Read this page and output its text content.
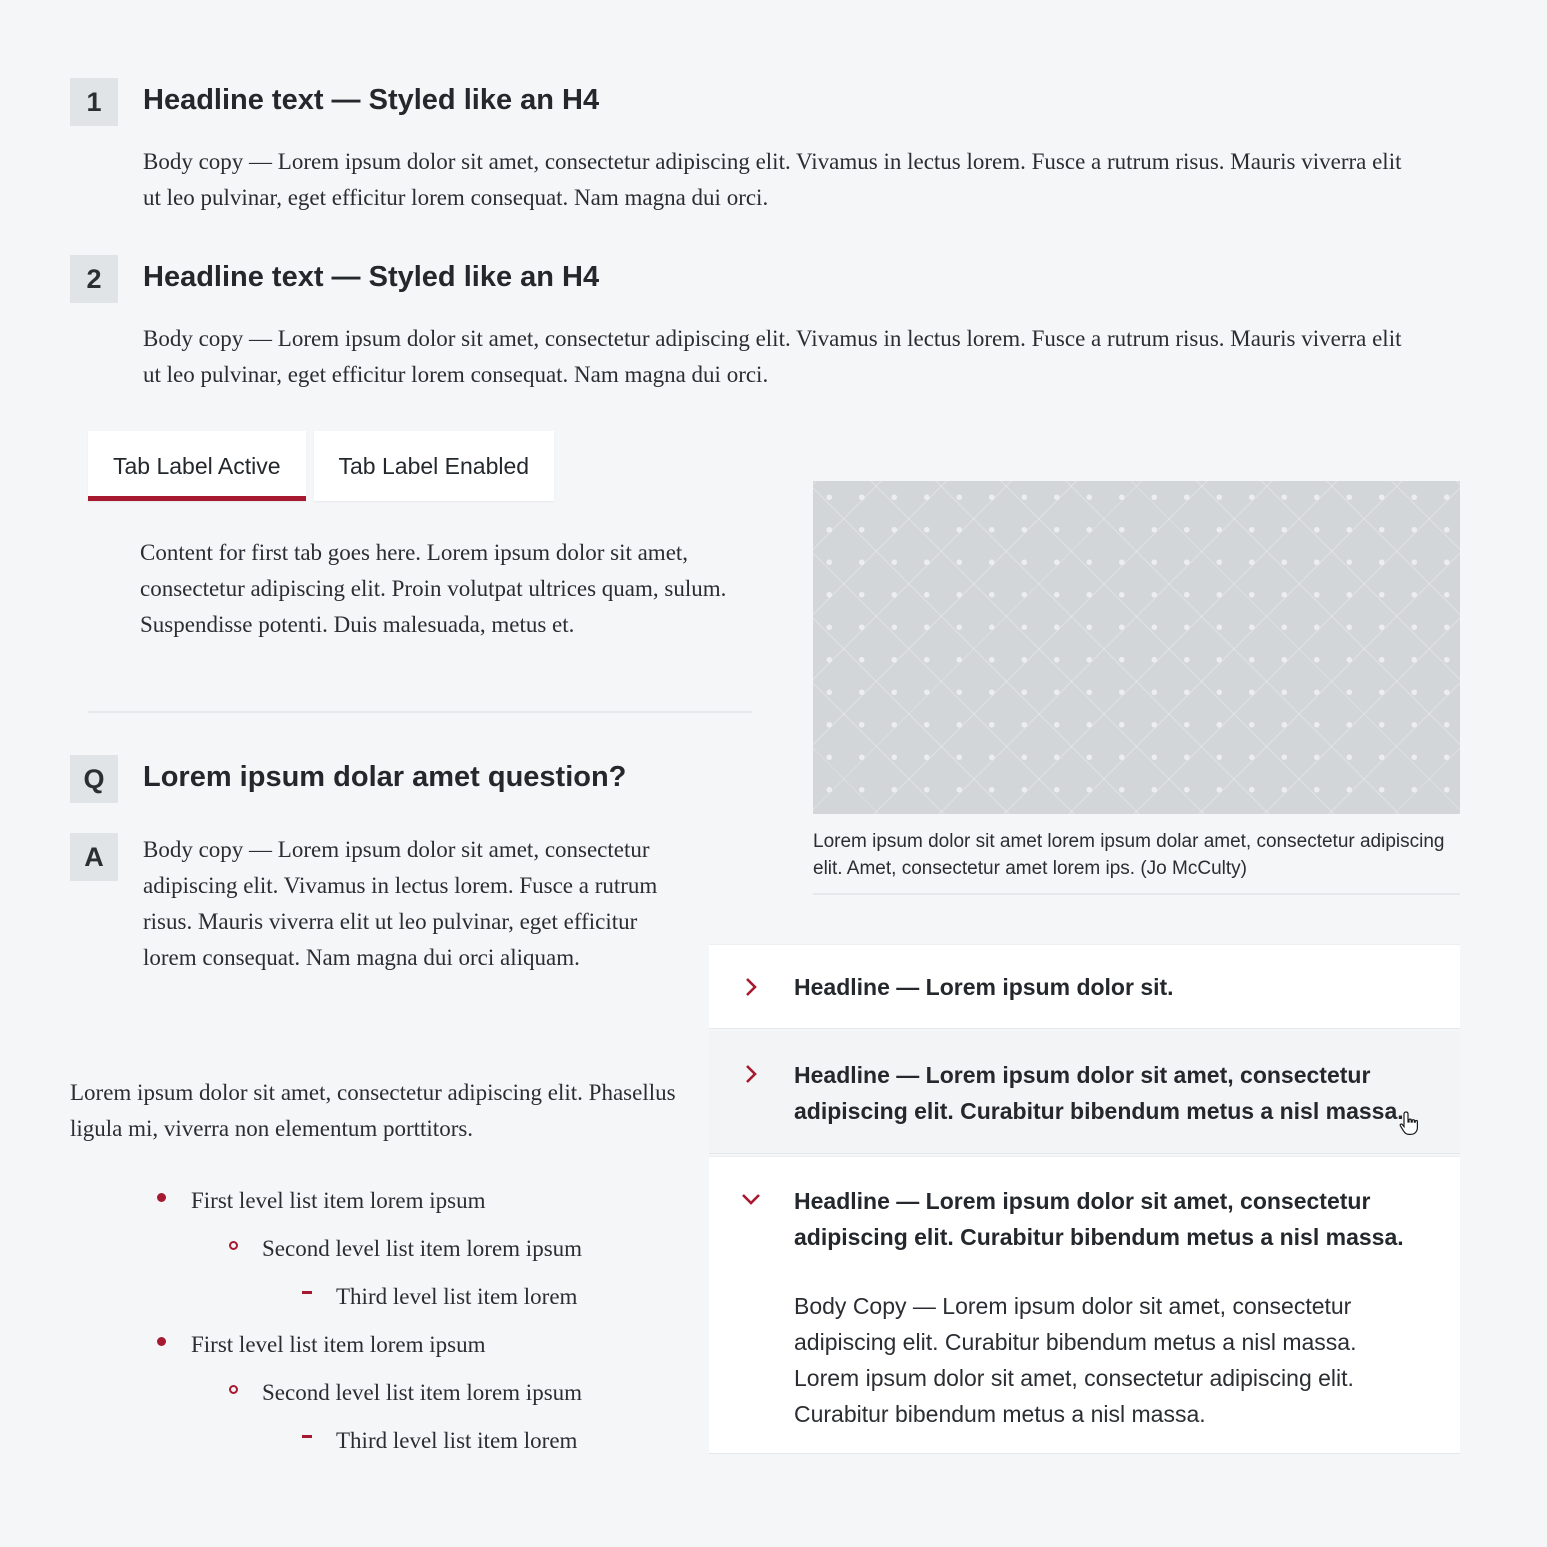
1	Headline text — Styled like an H4
Body copy — Lorem ipsum dolor sit amet, consectetur adipiscing elit. Vivamus in lectus lorem. Fusce a rutrum risus. Mauris viverra elit ut leo pulvinar, eget efficitur lorem consequat. Nam magna dui orci.
2	Headline text — Styled like an H4
Body copy — Lorem ipsum dolor sit amet, consectetur adipiscing elit. Vivamus in lectus lorem. Fusce a rutrum risus. Mauris viverra elit ut leo pulvinar, eget efficitur lorem consequat. Nam magna dui orci.
Tab Label Active	Tab Label Enabled
Content for first tab goes here. Lorem ipsum dolor sit amet, consectetur adipiscing elit. Proin volutpat ultrices quam, sulum. Suspendisse potenti. Duis malesuada, metus et.
Q	Lorem ipsum dolar amet question?
A	Body copy — Lorem ipsum dolor sit amet, consectetur adipiscing elit. Vivamus in lectus lorem. Fusce a rutrum risus. Mauris viverra elit ut leo pulvinar, eget efficitur lorem consequat. Nam magna dui orci aliquam.
Lorem ipsum dolor sit amet, consectetur adipiscing elit. Phasellus ligula mi, viverra non elementum porttitors.
First level list item lorem ipsum
Second level list item lorem ipsum
Third level list item lorem
First level list item lorem ipsum
Second level list item lorem ipsum
Third level list item lorem
Lorem ipsum dolor sit amet lorem ipsum dolar amet, consectetur adipiscing elit. Amet, consectetur amet lorem ips. (Jo McCulty)
Headline — Lorem ipsum dolor sit.
Headline — Lorem ipsum dolor sit amet, consectetur adipiscing elit. Curabitur bibendum metus a nisl massa.
Headline — Lorem ipsum dolor sit amet, consectetur adipiscing elit. Curabitur bibendum metus a nisl massa.
Body Copy — Lorem ipsum dolor sit amet, consectetur adipiscing elit. Curabitur bibendum metus a nisl massa. Lorem ipsum dolor sit amet, consectetur adipiscing elit. Curabitur bibendum metus a nisl massa.
